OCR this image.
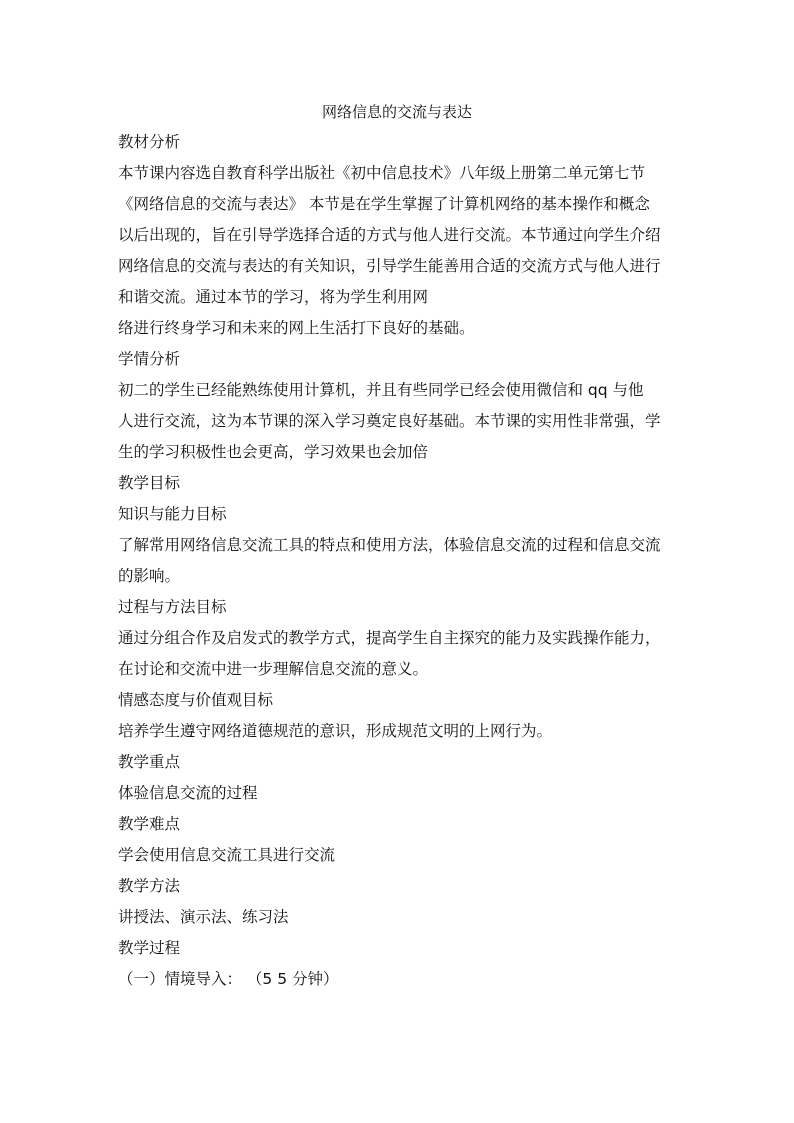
网络信息的交流与表达

教材分析

本节课内容选自教育科学出版社《初中信息技术》八年级上册第二单元第七节

《网络信息的交流与表达》 本节是在学生掌握了计算机网络的基本操作和概念

以后出现的，旨在引导学选择合适的方式与他人进行交流。本节通过向学生介绍

网络信息的交流与表达的有关知识，引导学生能善用合适的交流方式与他人进行

和谐交流。通过本节的学习，将为学生利用网

络进行终身学习和未来的网上生活打下良好的基础。

学情分析

初二的学生已经能熟练使用计算机，并且有些同学已经会使用微信和 qq 与他

人进行交流，这为本节课的深入学习奠定良好基础。本节课的实用性非常强，学

生的学习积极性也会更高，学习效果也会加倍

教学目标

知识与能力目标

了解常用网络信息交流工具的特点和使用方法，体验信息交流的过程和信息交流

的影响。

过程与方法目标

通过分组合作及启发式的教学方式，提高学生自主探究的能力及实践操作能力，

在讨论和交流中进一步理解信息交流的意义。

情感态度与价值观目标

培养学生遵守网络道德规范的意识，形成规范文明的上网行为。

教学重点

体验信息交流的过程

教学难点

学会使用信息交流工具进行交流

教学方法

讲授法、演示法、练习法

教学过程

（一）情境导入： （5 5 分钟）
